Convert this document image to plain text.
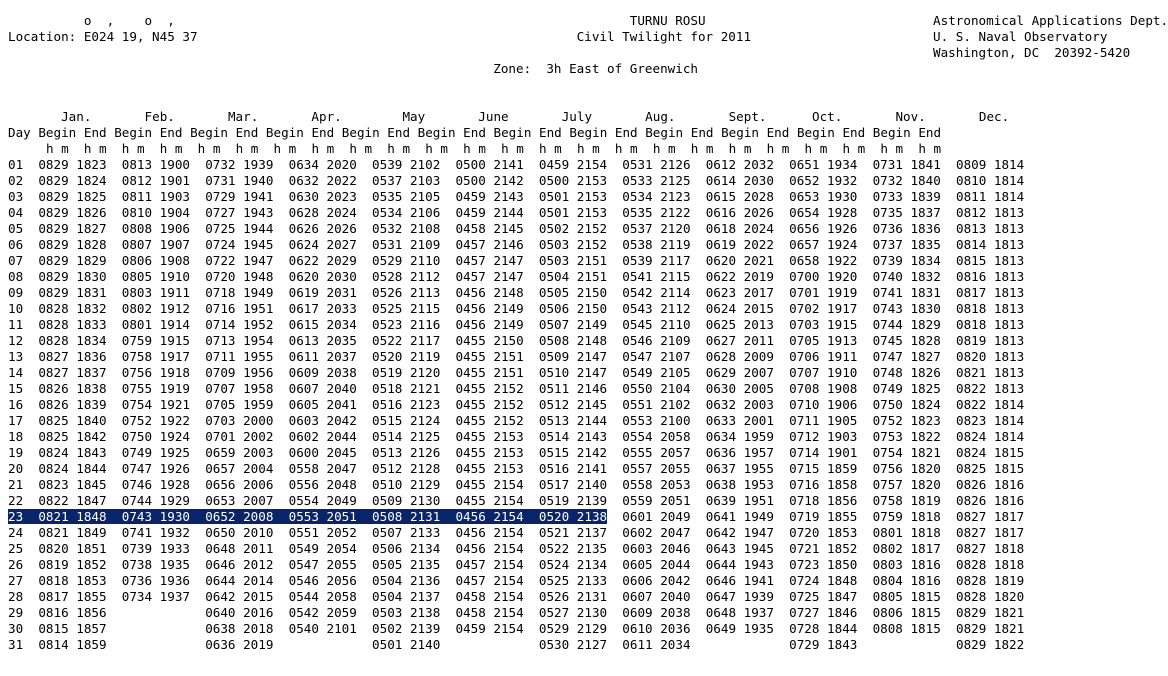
o  ,    o  ,                                                            TURNU ROSU                              Astronomical Applications Dept.
Location: E024 19, N45 37                                                  Civil Twilight for 2011                        U. S. Naval Observatory
Washington, DC  20392-5420
Zone:  3h East of Greenwich
Jan.	Feb.	Mar.	Apr.	May	June	July	Aug.	Sept.	Oct.	Nov.	Dec.
Day Begin End Begin End Begin End Begin End Begin End Begin End Begin End Begin End Begin End Begin End Begin End Begin End
h m h m h m h m h m h m h m h m h m h m h m h m h m h m h m h m h m h m h m h m h m h m h m h m
01 0829 1823 0813 1900 0732 1939 0634 2020 0539 2102 0500 2141 0459 2154 0531 2126 0612 2032 0651 1934 0731 1841 0809 1814
02 0829 1824 0812 1901 0731 1940 0632 2022 0537 2103 0500 2142 0500 2153 0533 2125 0614 2030 0652 1932 0732 1840 0810 1814
03 0829 1825 0811 1903 0729 1941 0630 2023 0535 2105 0459 2143 0501 2153 0534 2123 0615 2028 0653 1930 0733 1839 0811 1814
04 0829 1826 0810 1904 0727 1943 0628 2024 0534 2106 0459 2144 0501 2153 0535 2122 0616 2026 0654 1928 0735 1837 0812 1813
05 0829 1827 0808 1906 0725 1944 0626 2026 0532 2108 0458 2145 0502 2152 0537 2120 0618 2024 0656 1926 0736 1836 0813 1813
06 0829 1828 0807 1907 0724 1945 0624 2027 0531 2109 0457 2146 0503 2152 0538 2119 0619 2022 0657 1924 0737 1835 0814 1813
07 0829 1829 0806 1908 0722 1947 0622 2029 0529 2110 0457 2147 0503 2151 0539 2117 0620 2021 0658 1922 0739 1834 0815 1813
08 0829 1830 0805 1910 0720 1948 0620 2030 0528 2112 0457 2147 0504 2151 0541 2115 0622 2019 0700 1920 0740 1832 0816 1813
09 0829 1831 0803 1911 0718 1949 0619 2031 0526 2113 0456 2148 0505 2150 0542 2114 0623 2017 0701 1919 0741 1831 0817 1813
10 0828 1832 0802 1912 0716 1951 0617 2033 0525 2115 0456 2149 0506 2150 0543 2112 0624 2015 0702 1917 0743 1830 0818 1813
11 0828 1833 0801 1914 0714 1952 0615 2034 0523 2116 0456 2149 0507 2149 0545 2110 0625 2013 0703 1915 0744 1829 0818 1813
12 0828 1834 0759 1915 0713 1954 0613 2035 0522 2117 0455 2150 0508 2148 0546 2109 0627 2011 0705 1913 0745 1828 0819 1813
13 0827 1836 0758 1917 0711 1955 0611 2037 0520 2119 0455 2151 0509 2147 0547 2107 0628 2009 0706 1911 0747 1827 0820 1813
14 0827 1837 0756 1918 0709 1956 0609 2038 0519 2120 0455 2151 0510 2147 0549 2105 0629 2007 0707 1910 0748 1826 0821 1813
15 0826 1838 0755 1919 0707 1958 0607 2040 0518 2121 0455 2152 0511 2146 0550 2104 0630 2005 0708 1908 0749 1825 0822 1813
16 0826 1839 0754 1921 0705 1959 0605 2041 0516 2123 0455 2152 0512 2145 0551 2102 0632 2003 0710 1906 0750 1824 0822 1814
17 0825 1840 0752 1922 0703 2000 0603 2042 0515 2124 0455 2152 0513 2144 0553 2100 0633 2001 0711 1905 0752 1823 0823 1814
18 0825 1842 0750 1924 0701 2002 0602 2044 0514 2125 0455 2153 0514 2143 0554 2058 0634 1959 0712 1903 0753 1822 0824 1814
19 0824 1843 0749 1925 0659 2003 0600 2045 0513 2126 0455 2153 0515 2142 0555 2057 0636 1957 0714 1901 0754 1821 0824 1815
20 0824 1844 0747 1926 0657 2004 0558 2047 0512 2128 0455 2153 0516 2141 0557 2055 0637 1955 0715 1859 0756 1820 0825 1815
21 0823 1845 0746 1928 0656 2006 0556 2048 0510 2129 0455 2154 0517 2140 0558 2053 0638 1953 0716 1858 0757 1820 0826 1816
22 0822 1847 0744 1929 0653 2007 0554 2049 0509 2130 0455 2154 0519 2139 0559 2051 0639 1951 0718 1856 0758 1819 0826 1816
23 0821 1848 0743 1930 0652 2008 0553 2051 0508 2131 0456 2154 0520 2138 0601 2049 0641 1949 0719 1855 0759 1818 0827 1817
24 0821 1849 0741 1932 0650 2010 0551 2052 0507 2133 0456 2154 0521 2137 0602 2047 0642 1947 0720 1853 0801 1818 0827 1817
25 0820 1851 0739 1933 0648 2011 0549 2054 0506 2134 0456 2154 0522 2135 0603 2046 0643 1945 0721 1852 0802 1817 0827 1818
26 0819 1852 0738 1935 0646 2012 0547 2055 0505 2135 0457 2154 0524 2134 0605 2044 0644 1943 0723 1850 0803 1816 0828 1818
27 0818 1853 0736 1936 0644 2014 0546 2056 0504 2136 0457 2154 0525 2133 0606 2042 0646 1941 0724 1848 0804 1816 0828 1819
28 0817 1855 0734 1937 0642 2015 0544 2058 0504 2137 0458 2154 0526 2131 0607 2040 0647 1939 0725 1847 0805 1815 0828 1820
29 0816 1856	0640 2016 0542 2059 0503 2138 0458 2154 0527 2130 0609 2038 0648 1937 0727 1846 0806 1815 0829 1821
30 0815 1857	0638 2018 0540 2101 0502 2139 0459 2154 0529 2129 0610 2036 0649 1935 0728 1844 0808 1815 0829 1821
31 0814 1859	0636 2019	0501 2140	0530 2127 0611 2034	0729 1843	0829 1822
